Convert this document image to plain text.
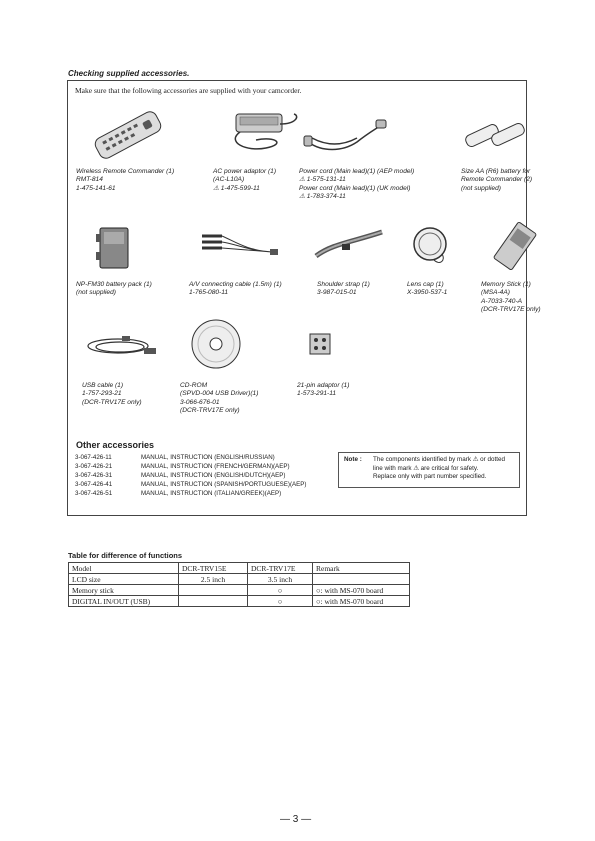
Checking supplied accessories.
Make sure that the following accessories are supplied with your camcorder.
Wireless Remote Commander (1)
RMT-814
1-475-141-61
AC power adaptor (1)
(AC-L10A)
⚠ 1-475-599-11
Power cord (Main lead)(1) (AEP model)
⚠ 1-575-131-11
Power cord (Main lead)(1) (UK model)
⚠ 1-783-374-11
Size AA (R6) battery for
Remote Commander (2)
(not supplied)
NP-FM30 battery pack (1)
(not supplied)
A/V connecting cable (1.5m) (1)
1-765-080-11
Shoulder strap (1)
3-987-015-01
Lens cap (1)
X-3950-537-1
Memory Stick (1)
(MSA-4A)
A-7033-740-A
(DCR-TRV17E only)
USB cable (1)
1-757-293-21
(DCR-TRV17E only)
CD-ROM
(SPVD-004 USB Driver)(1)
3-066-676-01
(DCR-TRV17E only)
21-pin adaptor (1)
1-573-291-11
Other accessories
3-067-426-11	MANUAL, INSTRUCTION (ENGLISH/RUSSIAN)
3-067-426-21	MANUAL, INSTRUCTION (FRENCH/GERMAN)(AEP)
3-067-426-31	MANUAL, INSTRUCTION (ENGLISH/DUTCH)(AEP)
3-067-426-41	MANUAL, INSTRUCTION (SPANISH/PORTUGUESE)(AEP)
3-067-426-51	MANUAL, INSTRUCTION (ITALIAN/GREEK)(AEP)
Note : The components identified by mark ⚠ or dotted
line with mark ⚠ are critical for safety.
Replace only with part number specified.
Table for difference of functions
Model	DCR-TRV15E	DCR-TRV17E	Remark
LCD size	2.5 inch	3.5 inch	
Memory stick		○	○: with MS-070 board
DIGITAL IN/OUT (USB)		○	○: with MS-070 board
— 3 —
